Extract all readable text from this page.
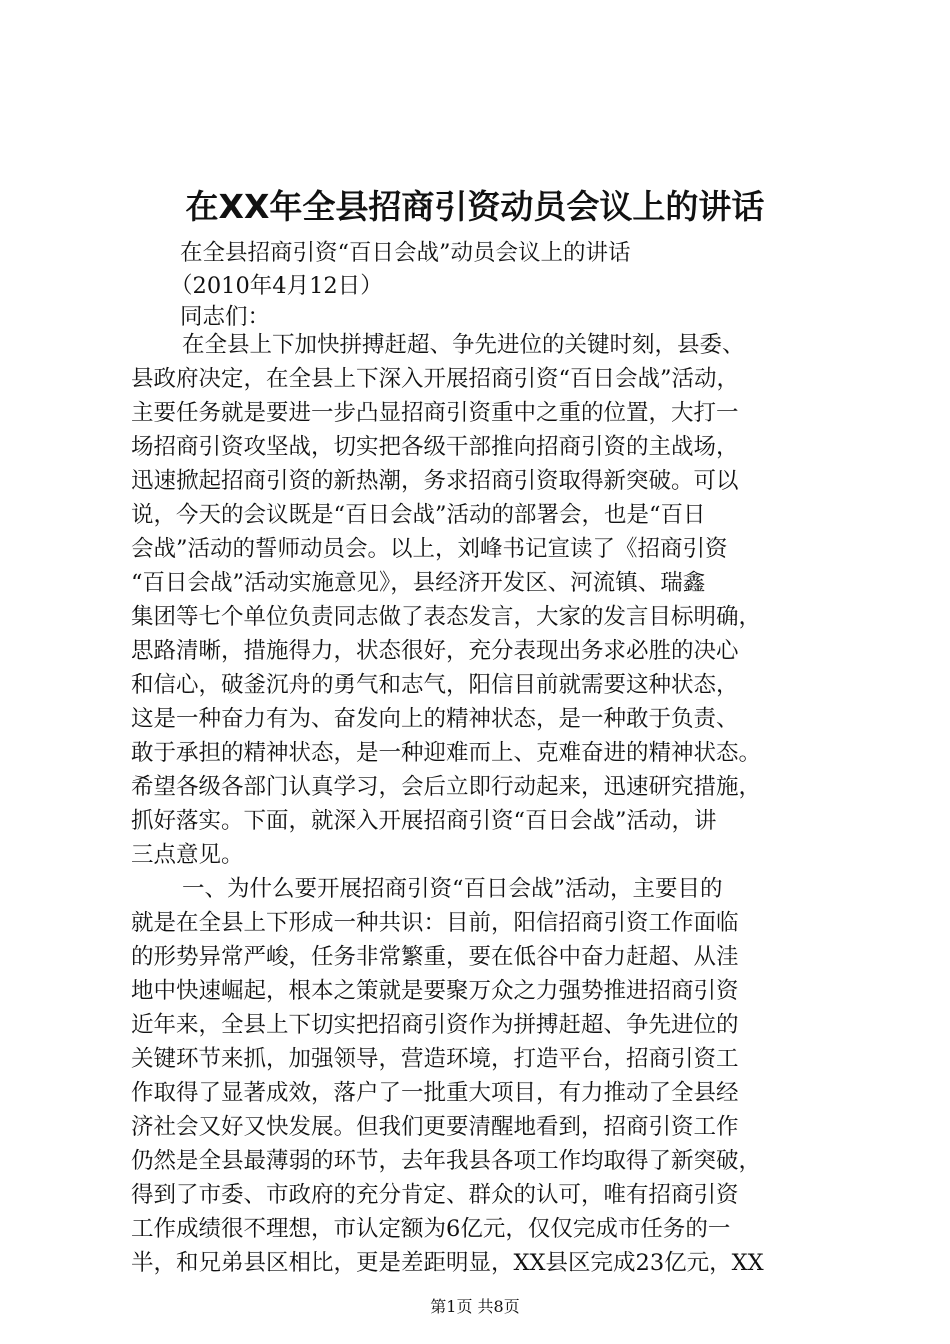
在XX年全县招商引资动员会议上的讲话
在全县招商引资“百日会战”动员会议上的讲话
（2010年4月12日）
同志们：
在全县上下加快拼搏赶超、争先进位的关键时刻，县委、
县政府决定，在全县上下深入开展招商引资“百日会战”活动，
主要任务就是要进一步凸显招商引资重中之重的位置，大打一
场招商引资攻坚战，切实把各级干部推向招商引资的主战场，
迅速掀起招商引资的新热潮，务求招商引资取得新突破。可以
说，今天的会议既是“百日会战”活动的部署会，也是“百日
会战”活动的誓师动员会。以上，刘峰书记宣读了《招商引资
“百日会战”活动实施意见》，县经济开发区、河流镇、瑞鑫
集团等七个单位负责同志做了表态发言，大家的发言目标明确，
思路清晰，措施得力，状态很好，充分表现出务求必胜的决心
和信心，破釜沉舟的勇气和志气，阳信目前就需要这种状态，
这是一种奋力有为、奋发向上的精神状态，是一种敢于负责、
敢于承担的精神状态，是一种迎难而上、克难奋进的精神状态。
希望各级各部门认真学习，会后立即行动起来，迅速研究措施，
抓好落实。下面，就深入开展招商引资“百日会战”活动，讲
三点意见。
一、为什么要开展招商引资“百日会战”活动，主要目的
就是在全县上下形成一种共识：目前，阳信招商引资工作面临
的形势异常严峻，任务非常繁重，要在低谷中奋力赶超、从洼
地中快速崛起，根本之策就是要聚万众之力强势推进招商引资
近年来，全县上下切实把招商引资作为拼搏赶超、争先进位的
关键环节来抓，加强领导，营造环境，打造平台，招商引资工
作取得了显著成效，落户了一批重大项目，有力推动了全县经
济社会又好又快发展。但我们更要清醒地看到，招商引资工作
仍然是全县最薄弱的环节，去年我县各项工作均取得了新突破，
得到了市委、市政府的充分肯定、群众的认可，唯有招商引资
工作成绩很不理想，市认定额为6亿元，仅仅完成市任务的一
半，和兄弟县区相比，更是差距明显，XX县区完成23亿元，XX
第1页 共8页
